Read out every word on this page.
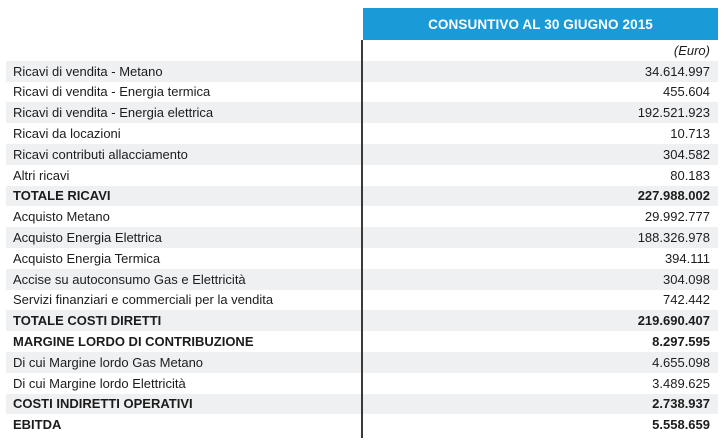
CONSUNTIVO AL 30 GIUGNO 2015
(Euro)
Ricavi di vendita - Metano	34.614.997
Ricavi di vendita - Energia termica	455.604
Ricavi di vendita - Energia elettrica	192.521.923
Ricavi da locazioni	10.713
Ricavi contributi allacciamento	304.582
Altri ricavi	80.183
TOTALE RICAVI	227.988.002
Acquisto Metano	29.992.777
Acquisto Energia Elettrica	188.326.978
Acquisto Energia Termica	394.111
Accise su autoconsumo Gas e Elettricità	304.098
Servizi finanziari e commerciali per la vendita	742.442
TOTALE COSTI DIRETTI	219.690.407
MARGINE LORDO DI CONTRIBUZIONE	8.297.595
Di cui Margine lordo Gas Metano	4.655.098
Di cui Margine lordo Elettricità	3.489.625
COSTI INDIRETTI OPERATIVI	2.738.937
EBITDA	5.558.659
